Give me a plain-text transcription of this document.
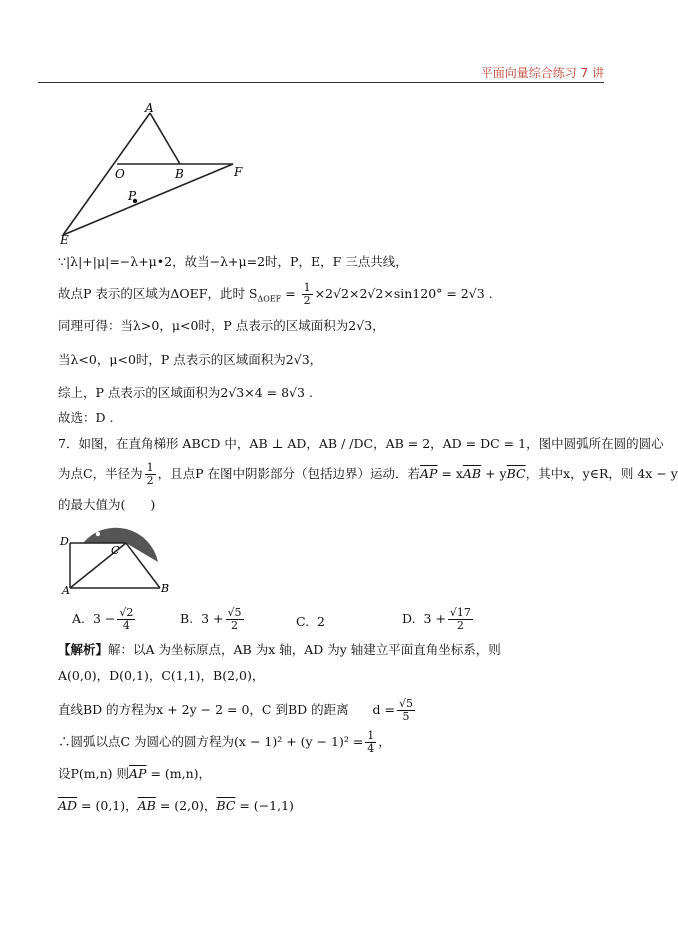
平面向量综合练习 7 讲
A
O	B	F
P
E
∵|λ|+|μ|=−λ+μ•2，故当−λ+μ=2时，P，E，F 三点共线，
故点P 表示的区域为ΔOEF，此时 $S_{\Delta OEF} = \frac{1}{2} \times 2√2\times 2√2\times\sin 120^\circ = 2√3$ .
同理可得：当λ>0，μ<0时，P 点表示的区域面积为2√3，
当λ<0，μ<0时，P 点表示的区域面积为2√3，
综上，P 点表示的区域面积为2√3×4 = 8√3 .
故选：D .
7．如图，在直角梯形 ABCD 中，AB ⊥ AD，AB / /DC，AB = 2，AD = DC = 1，图中圆弧所在圆的圆心
为点C，半径为 $\frac{1}{2}$ ，且点P 在图中阴影部分（包括边界）运动．若$\overline{AP} = x\overline{AB} + y\overline{BC}$，其中x，y∈R，则 4x − y
的最大值为(　　)
D
P
C
A	B
A. $3 - \frac{√2}{4}$	B. $3 + \frac{√5}{2}$	C. 2	D. $3 + \frac{√17}{2}$
【解析】解：以A 为坐标原点，AB 为x 轴，AD 为y 轴建立平面直角坐标系，则
A(0,0)，D(0,1)，C(1,1)，B(2,0)，
直线BD 的方程为x + 2y − 2 = 0，C 到BD 的距离 $d = \frac{√5}{5}$
∴圆弧以点C 为圆心的圆方程为$(x - 1)^2 + (y - 1)^2 = \frac{1}{4}$ ，
设P(m,n) 则$\overline{AP} = (m,n)$，
$\overline{AD} = (0,1)$，$\overline{AB} = (2,0)$，$\overline{BC} = (-1,1)$
